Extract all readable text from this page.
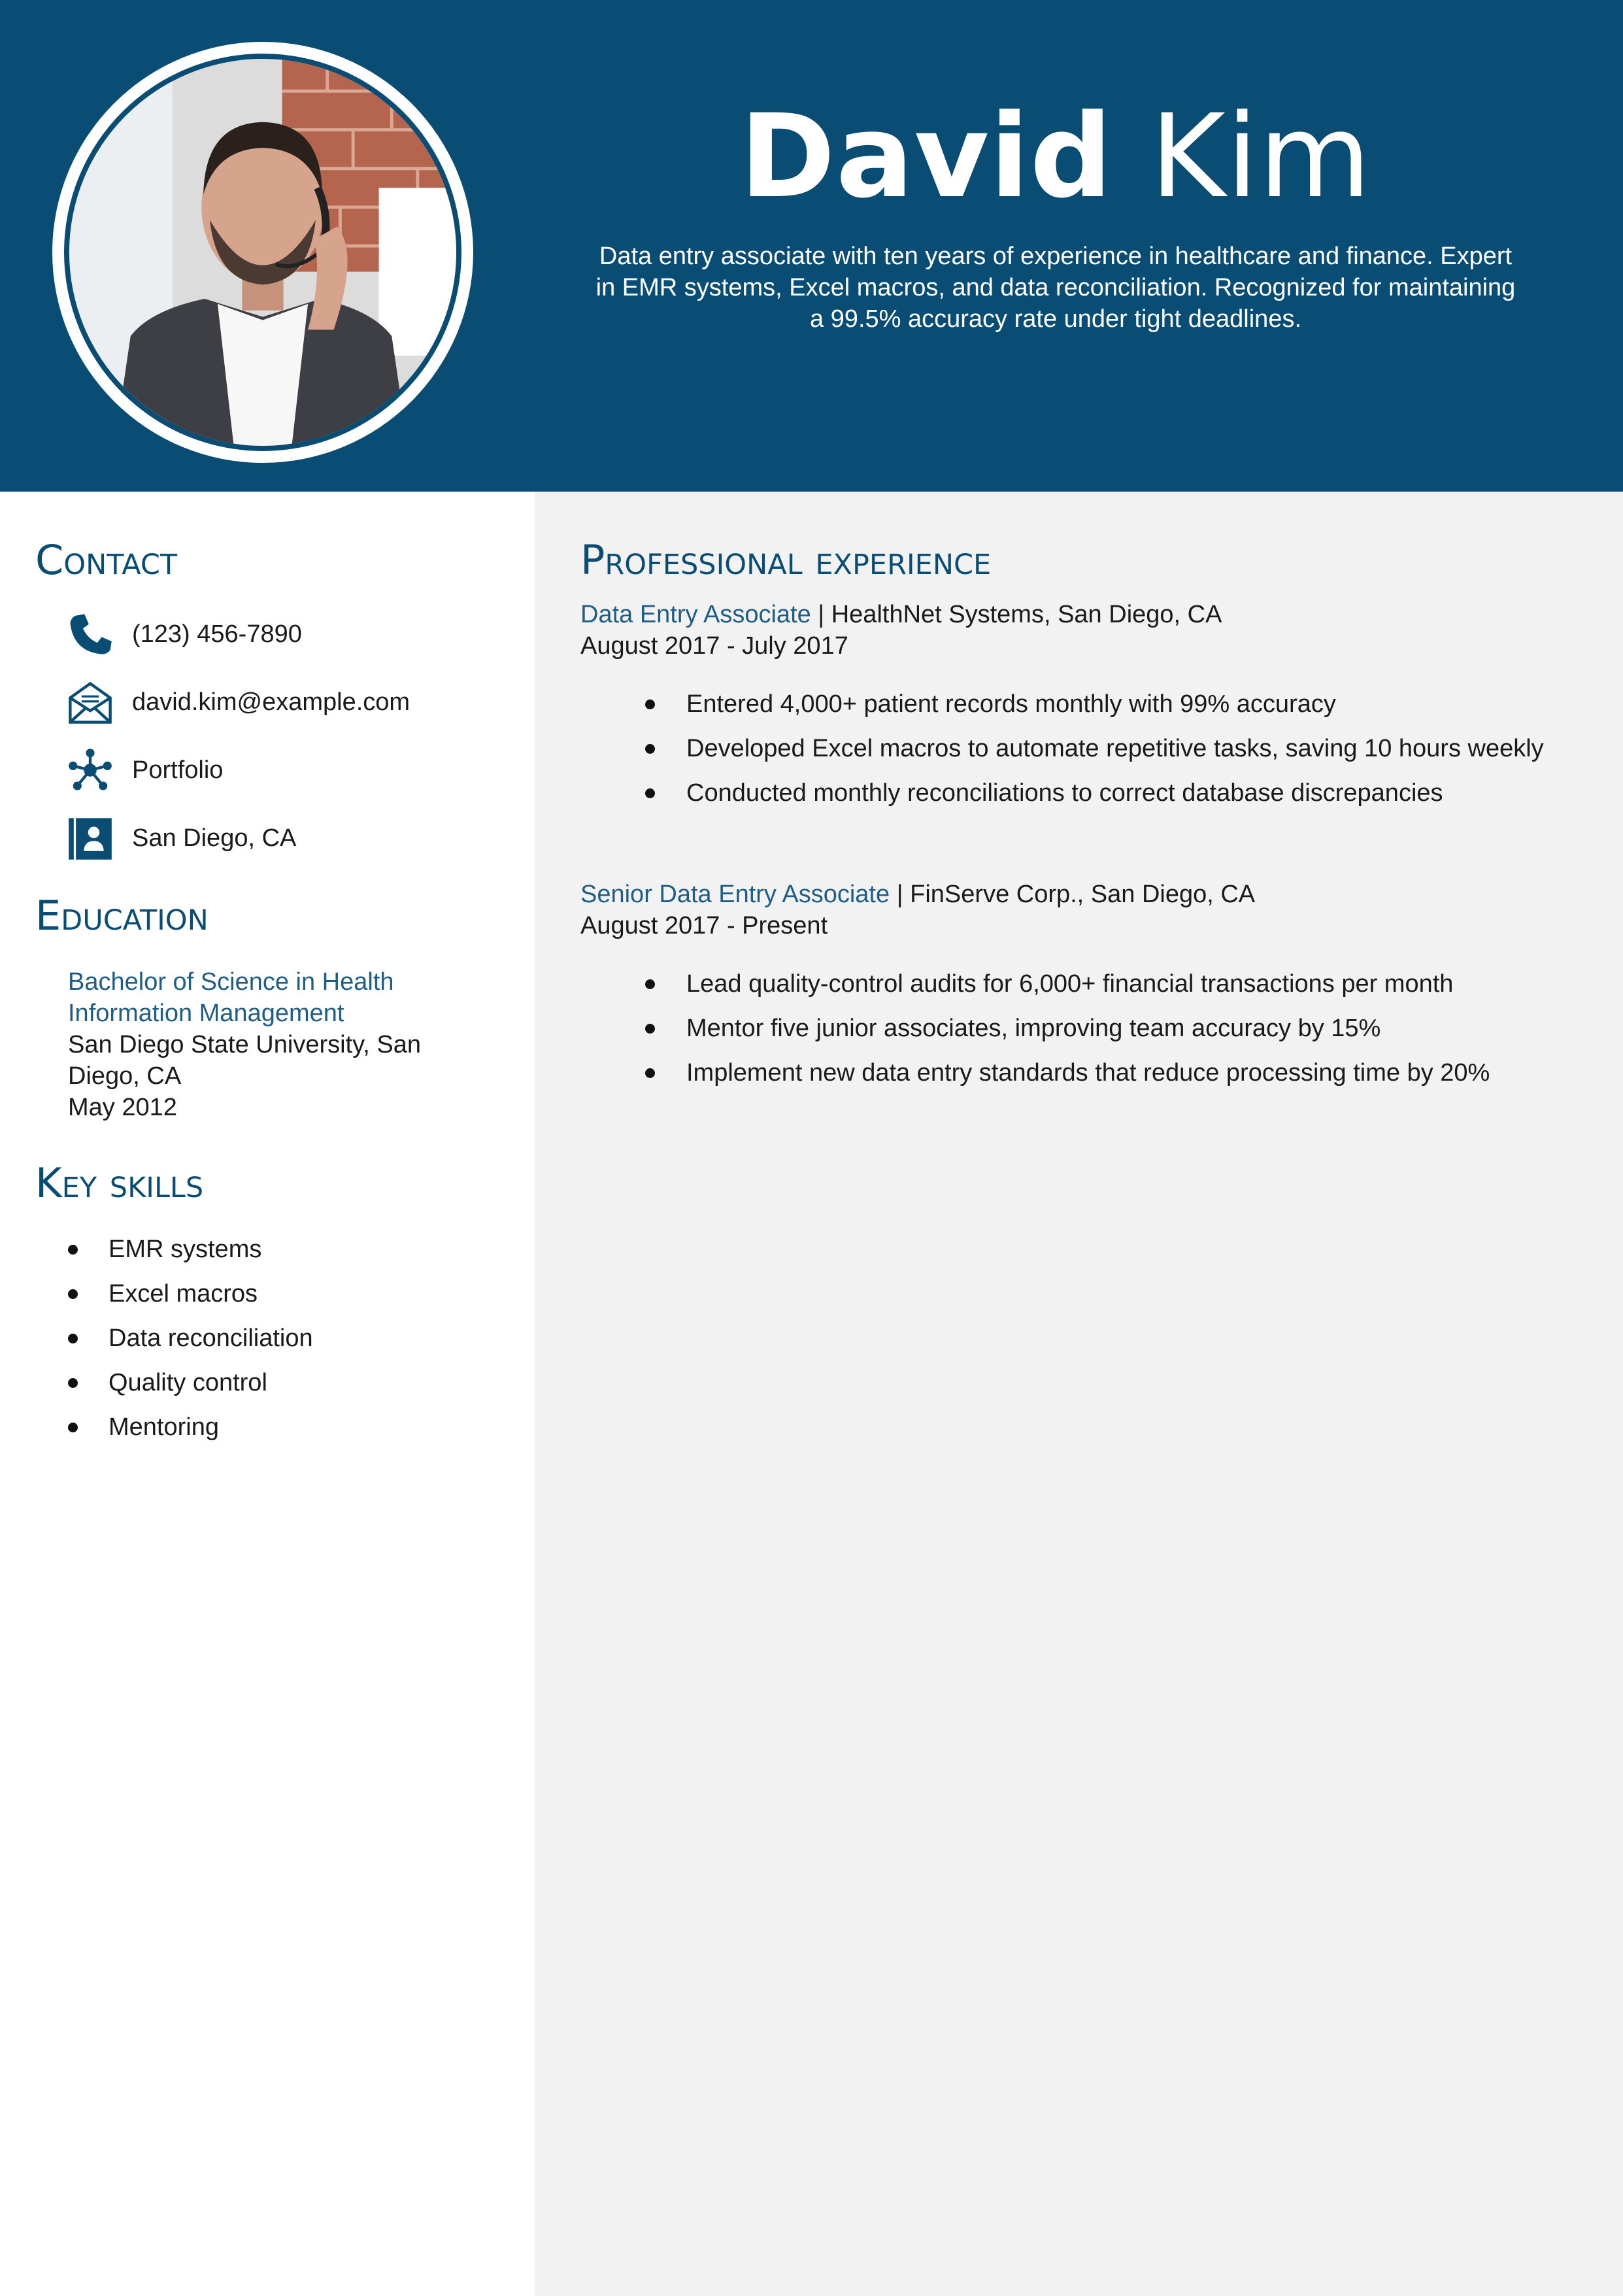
David Kim
Data entry associate with ten years of experience in healthcare and finance. Expert in EMR systems, Excel macros, and data reconciliation. Recognized for maintaining a 99.5% accuracy rate under tight deadlines.
Contact
(123) 456-7890
david.kim@example.com
Portfolio
San Diego, CA
Education
Bachelor of Science in Health Information Management
San Diego State University, San Diego, CA
May 2012
Key skills
EMR systems
Excel macros
Data reconciliation
Quality control
Mentoring
Professional experience
Data Entry Associate | HealthNet Systems, San Diego, CA
August 2017 - July 2017
Entered 4,000+ patient records monthly with 99% accuracy
Developed Excel macros to automate repetitive tasks, saving 10 hours weekly
Conducted monthly reconciliations to correct database discrepancies
Senior Data Entry Associate | FinServe Corp., San Diego, CA
August 2017 - Present
Lead quality-control audits for 6,000+ financial transactions per month
Mentor five junior associates, improving team accuracy by 15%
Implement new data entry standards that reduce processing time by 20%
